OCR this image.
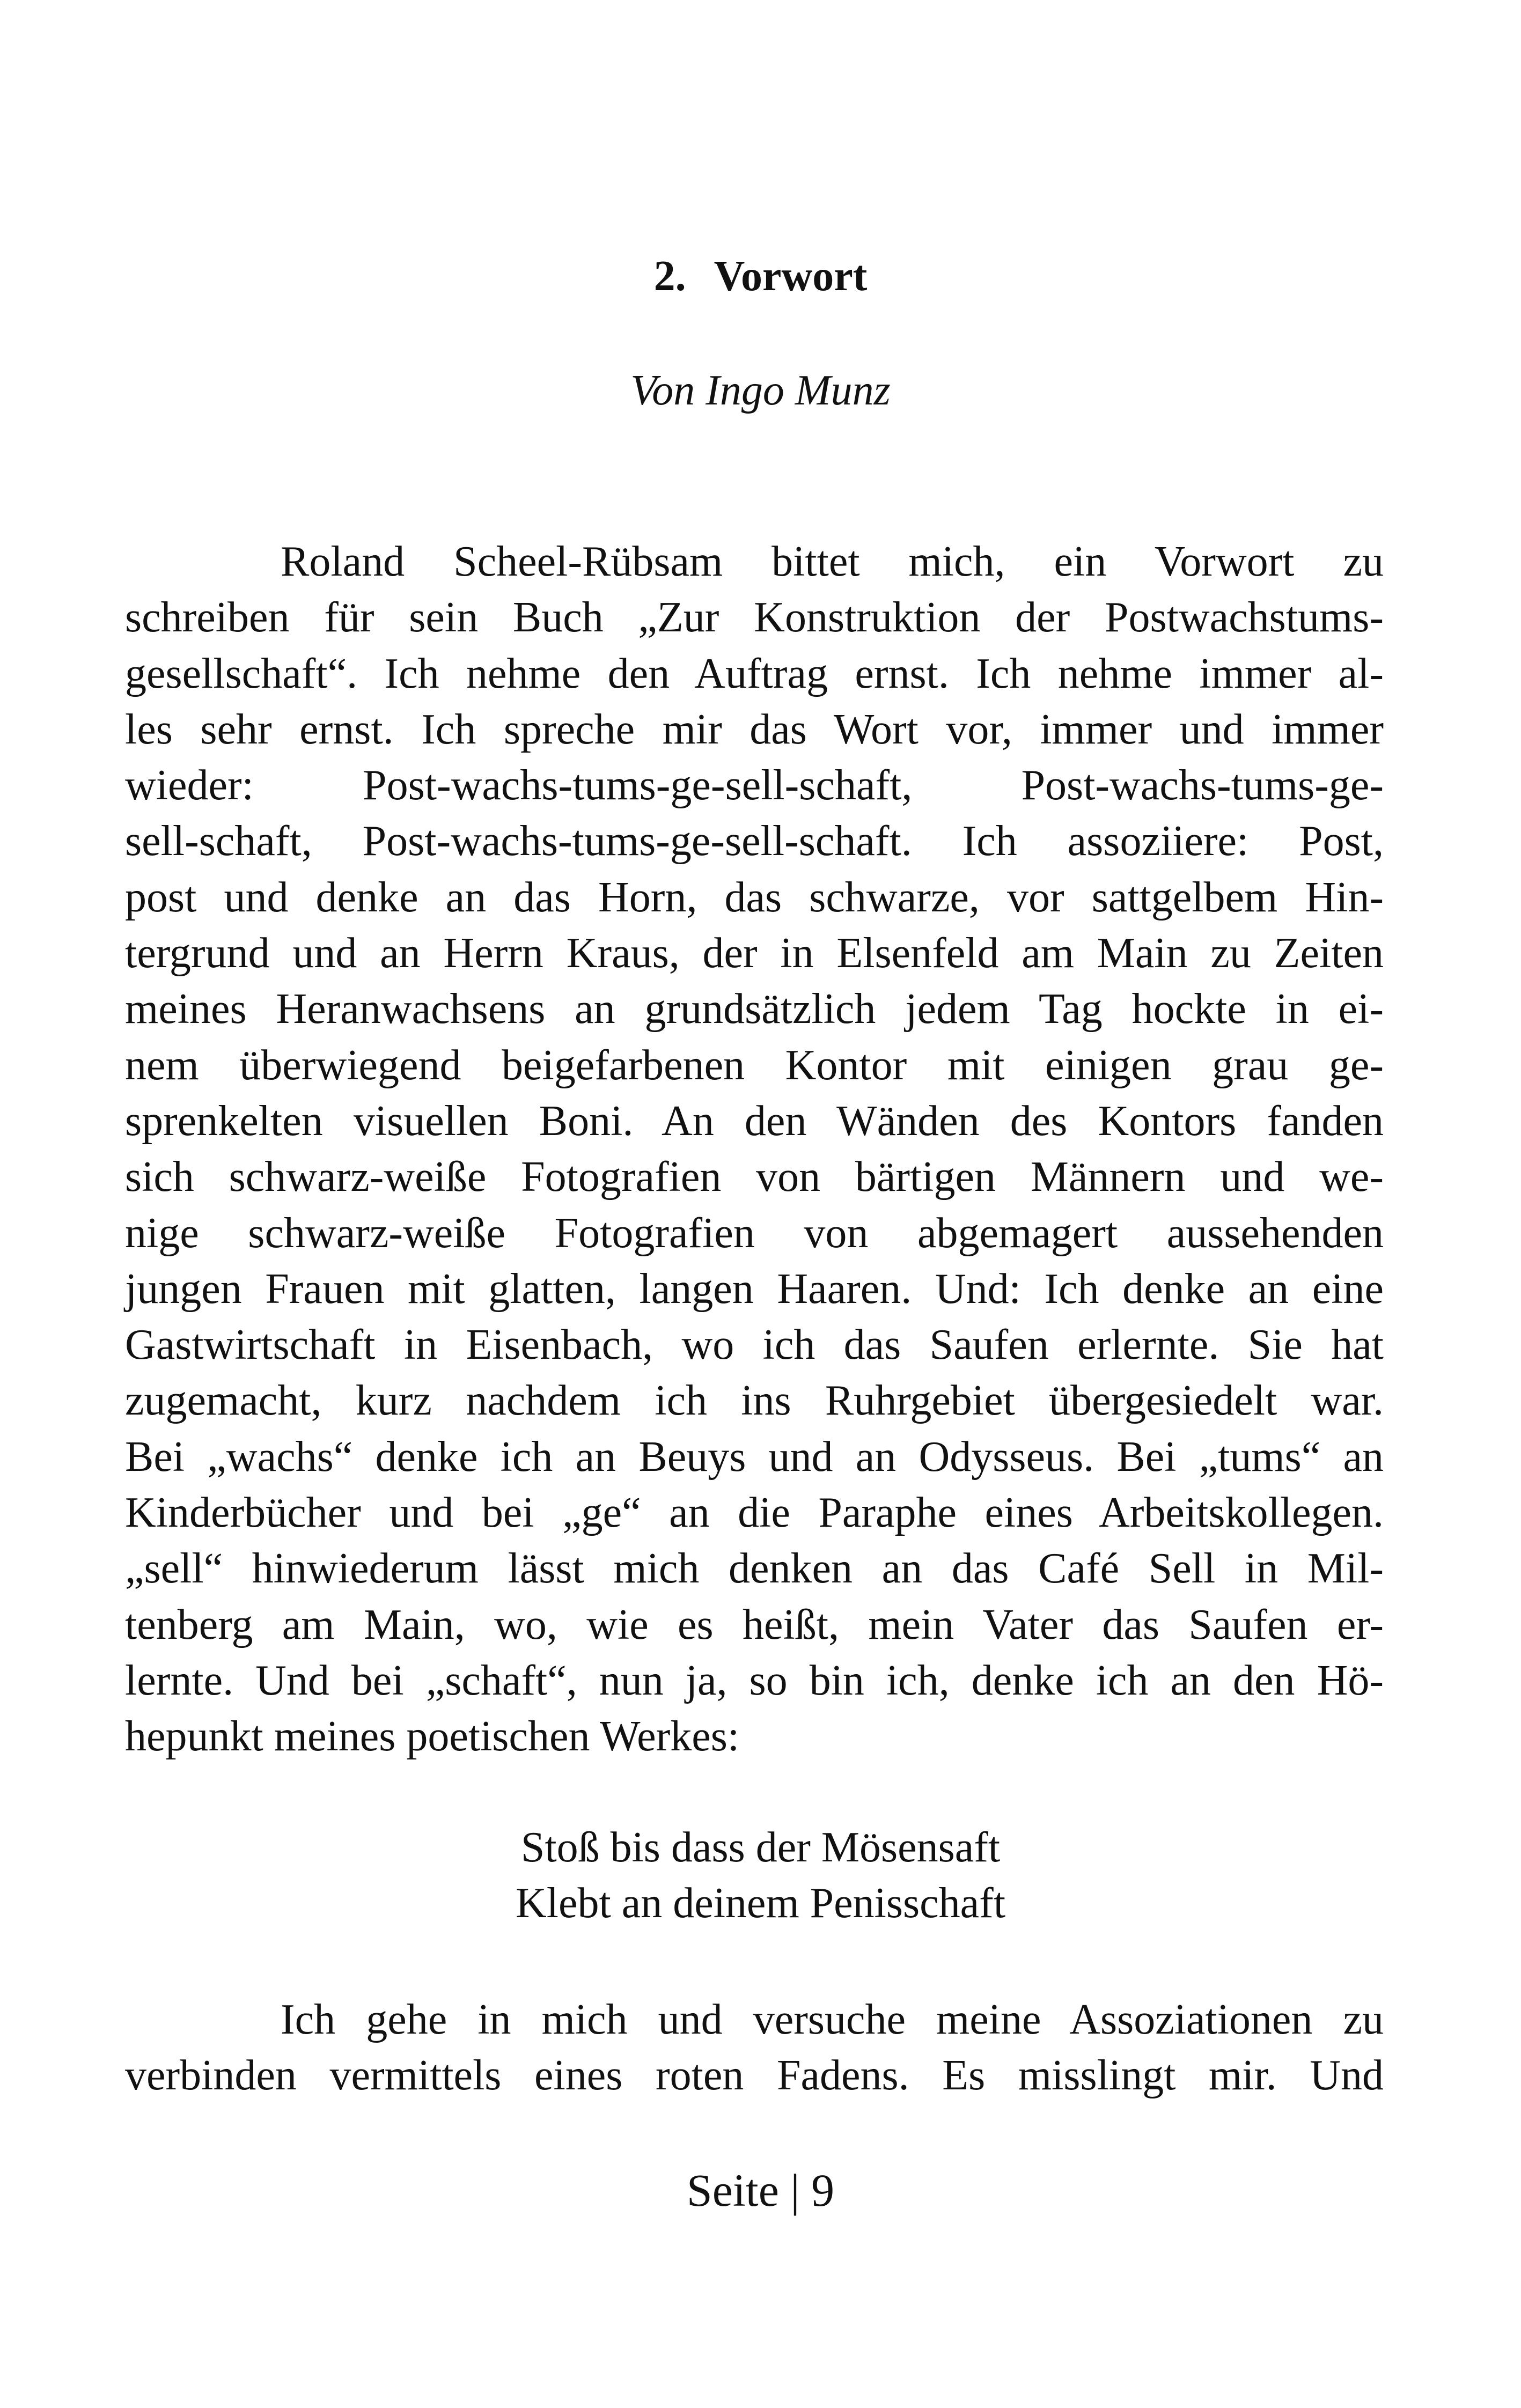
2. Vorwort

Von Ingo Munz

Roland Scheel-Rübsam bittet mich, ein Vorwort zu
schreiben für sein Buch „Zur Konstruktion der Postwachstums-
gesellschaft“. Ich nehme den Auftrag ernst. Ich nehme immer al-
les sehr ernst. Ich spreche mir das Wort vor, immer und immer
wieder: Post-wachs-tums-ge-sell-schaft, Post-wachs-tums-ge-
sell-schaft, Post-wachs-tums-ge-sell-schaft. Ich assoziiere: Post,
post und denke an das Horn, das schwarze, vor sattgelbem Hin-
tergrund und an Herrn Kraus, der in Elsenfeld am Main zu Zeiten
meines Heranwachsens an grundsätzlich jedem Tag hockte in ei-
nem überwiegend beigefarbenen Kontor mit einigen grau ge-
sprenkelten visuellen Boni. An den Wänden des Kontors fanden
sich schwarz-weiße Fotografien von bärtigen Männern und we-
nige schwarz-weiße Fotografien von abgemagert aussehenden
jungen Frauen mit glatten, langen Haaren. Und: Ich denke an eine
Gastwirtschaft in Eisenbach, wo ich das Saufen erlernte. Sie hat
zugemacht, kurz nachdem ich ins Ruhrgebiet übergesiedelt war.
Bei „wachs“ denke ich an Beuys und an Odysseus. Bei „tums“ an
Kinderbücher und bei „ge“ an die Paraphe eines Arbeitskollegen.
„sell“ hinwiederum lässt mich denken an das Café Sell in Mil-
tenberg am Main, wo, wie es heißt, mein Vater das Saufen er-
lernte. Und bei „schaft“, nun ja, so bin ich, denke ich an den Hö-
hepunkt meines poetischen Werkes:
Stoß bis dass der Mösensaft
Klebt an deinem Penisschaft
Ich gehe in mich und versuche meine Assoziationen zu
verbinden vermittels eines roten Fadens. Es misslingt mir. Und

Seite | 9
